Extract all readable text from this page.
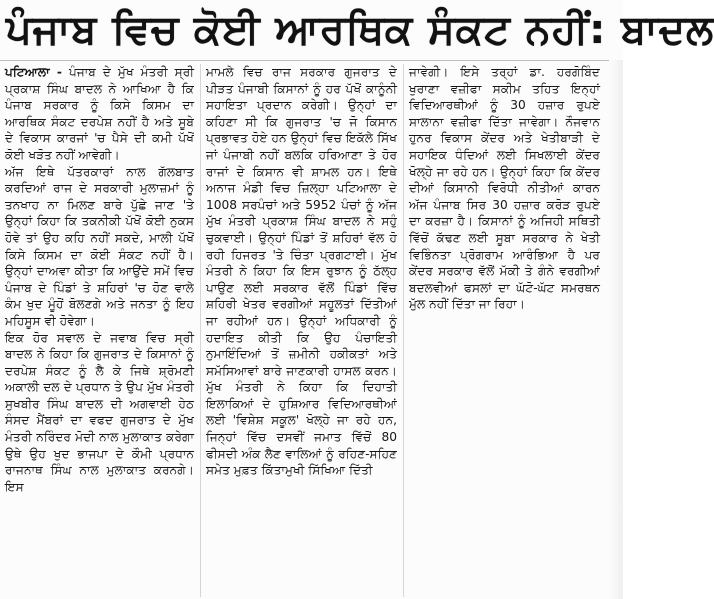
ਪੰਜਾਬ ਵਿਚ ਕੋਈ ਆਰਥਿਕ ਸੰਕਟ ਨਹੀਂ: ਬਾਦਲ

ਪਟਿਆਲਾ - ਪੰਜਾਬ ਦੇ ਮੁੱਖ ਮੰਤਰੀ ਸ੍ਰੀ ਪ੍ਰਕਾਸ਼ ਸਿੰਘ ਬਾਦਲ ਨੇ ਆਖਿਆ ਹੈ ਕਿ ਪੰਜਾਬ ਸਰਕਾਰ ਨੂੰ ਕਿਸੇ ਕਿਸਮ ਦਾ ਆਰਥਿਕ ਸੰਕਟ ਦਰਪੇਸ਼ ਨਹੀਂ ਹੈ ਅਤੇ ਸੂਬੇ ਦੇ ਵਿਕਾਸ ਕਾਰਜਾਂ 'ਚ ਪੈਸੇ ਦੀ ਕਮੀ ਪੱਖੋਂ ਕੋਈ ਖੜੋਤ ਨਹੀਂ ਆਵੇਗੀ।

ਅੱਜ ਇਥੇ ਪੱਤਰਕਾਰਾਂ ਨਾਲ ਗੱਲਬਾਤ ਕਰਦਿਆਂ ਰਾਜ ਦੇ ਸਰਕਾਰੀ ਮੁਲਾਜ਼ਮਾਂ ਨੂੰ ਤਨਖਾਹ ਨਾ ਮਿਲਣ ਬਾਰੇ ਪੁੱਛੇ ਜਾਣ 'ਤੇ ਉਨ੍ਹਾਂ ਕਿਹਾ ਕਿ ਤਕਨੀਕੀ ਪੱਖੋਂ ਕੋਈ ਨੁਕਸ ਹੋਵੇ ਤਾਂ ਉਹ ਕਹਿ ਨਹੀਂ ਸਕਦੇ, ਮਾਲੀ ਪੱਖੋਂ ਕਿਸੇ ਕਿਸਮ ਦਾ ਕੋਈ ਸੰਕਟ ਨਹੀਂ ਹੈ। ਉਨ੍ਹਾਂ ਦਾਅਵਾ ਕੀਤਾ ਕਿ ਆਉਂਦੇ ਸਮੇਂ ਵਿਚ ਪੰਜਾਬ ਦੇ ਪਿੰਡਾਂ ਤੇ ਸ਼ਹਿਰਾਂ 'ਚ ਹੋਣ ਵਾਲੇ ਕੰਮ ਖੁਦ ਮੂੰਹੋਂ ਬੋਲਣਗੇ ਅਤੇ ਜਨਤਾ ਨੂੰ ਇਹ ਮਹਿਸੂਸ ਵੀ ਹੋਵੇਗਾ।

ਇਕ ਹੋਰ ਸਵਾਲ ਦੇ ਜਵਾਬ ਵਿਚ ਸ੍ਰੀ ਬਾਦਲ ਨੇ ਕਿਹਾ ਕਿ ਗੁਜਰਾਤ ਦੇ ਕਿਸਾਨਾਂ ਨੂੰ ਦਰਪੇਸ਼ ਸੰਕਟ ਨੂੰ ਲੈ ਕੇ ਜਿਥੇ ਸ਼੍ਰੋਮਣੀ ਅਕਾਲੀ ਦਲ ਦੇ ਪ੍ਰਧਾਨ ਤੇ ਉਪ ਮੁੱਖ ਮੰਤਰੀ ਸੁਖਬੀਰ ਸਿੰਘ ਬਾਦਲ ਦੀ ਅਗਵਾਈ ਹੇਠ ਸੰਸਦ ਮੈਂਬਰਾਂ ਦਾ ਵਫਦ ਗੁਜਰਾਤ ਦੇ ਮੁੱਖ ਮੰਤਰੀ ਨਰਿੰਦਰ ਮੋਦੀ ਨਾਲ ਮੁਲਾਕਾਤ ਕਰੇਗਾ ਉਥੇ ਉਹ ਖੁਦ ਭਾਜਪਾ ਦੇ ਕੌਮੀ ਪ੍ਰਧਾਨ ਰਾਜਨਾਥ ਸਿੰਘ ਨਾਲ ਮੁਲਾਕਾਤ ਕਰਨਗੇ। ਇਸ

ਮਾਮਲੇ ਵਿਚ ਰਾਜ ਸਰਕਾਰ ਗੁਜਰਾਤ ਦੇ ਪੀੜਤ ਪੰਜਾਬੀ ਕਿਸਾਨਾਂ ਨੂੰ ਹਰ ਪੱਖੋਂ ਕਾਨੂੰਨੀ ਸਹਾਇਤਾ ਪ੍ਰਦਾਨ ਕਰੇਗੀ। ਉਨ੍ਹਾਂ ਦਾ ਕਹਿਣਾ ਸੀ ਕਿ ਗੁਜਰਾਤ 'ਚ ਜੋ ਕਿਸਾਨ ਪ੍ਰਭਾਵਤ ਹੋਏ ਹਨ ਉਨ੍ਹਾਂ ਵਿਚ ਇਕੱਲੇ ਸਿੱਖ ਜਾਂ ਪੰਜਾਬੀ ਨਹੀਂ ਬਲਕਿ ਹਰਿਆਣਾ ਤੇ ਹੋਰ ਰਾਜਾਂ ਦੇ ਕਿਸਾਨ ਵੀ ਸ਼ਾਮਲ ਹਨ। ਇਥੇ ਅਨਾਜ ਮੰਡੀ ਵਿਚ ਜ਼ਿਲ੍ਹਾ ਪਟਿਆਲਾ ਦੇ 1008 ਸਰਪੰਚਾਂ ਅਤੇ 5952 ਪੰਚਾਂ ਨੂੰ ਅੱਜ ਮੁੱਖ ਮੰਤਰੀ ਪ੍ਰਕਾਸ਼ ਸਿੰਘ ਬਾਦਲ ਨੇ ਸਹੁੰ ਚੁਕਵਾਈ। ਉਨ੍ਹਾਂ ਪਿੰਡਾਂ ਤੋਂ ਸ਼ਹਿਰਾਂ ਵੱਲ ਹੋ ਰਹੀ ਹਿਜਰਤ 'ਤੇ ਚਿੰਤਾ ਪ੍ਰਗਟਾਈ। ਮੁੱਖ ਮੰਤਰੀ ਨੇ ਕਿਹਾ ਕਿ ਇਸ ਰੁਝਾਨ ਨੂੰ ਠੱਲ੍ਹ ਪਾਉਣ ਲਈ ਸਰਕਾਰ ਵੱਲੋਂ ਪਿੰਡਾਂ ਵਿੱਚ ਸ਼ਹਿਰੀ ਖੇਤਰ ਵਰਗੀਆਂ ਸਹੂਲਤਾਂ ਦਿੱਤੀਆਂ ਜਾ ਰਹੀਆਂ ਹਨ। ਉਨ੍ਹਾਂ ਅਧਿਕਾਰੀ ਨੂੰ ਹਦਾਇਤ ਕੀਤੀ ਕਿ ਉਹ ਪੰਚਾਇਤੀ ਨੁਮਾਇੰਦਿਆਂ ਤੋਂ ਜ਼ਮੀਨੀ ਹਕੀਕਤਾਂ ਅਤੇ ਸਮੱਸਿਆਵਾਂ ਬਾਰੇ ਜਾਣਕਾਰੀ ਹਾਸਲ ਕਰਨ। ਮੁੱਖ ਮੰਤਰੀ ਨੇ ਕਿਹਾ ਕਿ ਦਿਹਾਤੀ ਇਲਾਕਿਆਂ ਦੇ ਹੁਸ਼ਿਆਰ ਵਿਦਿਆਰਥੀਆਂ ਲਈ 'ਵਿਸ਼ੇਸ਼ ਸਕੂਲ' ਖੋਲ੍ਹੇ ਜਾ ਰਹੇ ਹਨ, ਜਿਨ੍ਹਾਂ ਵਿੱਚ ਦਸਵੀਂ ਜਮਾਤ ਵਿੱਚੋਂ 80 ਫੀਸਦੀ ਅੰਕ ਲੈਣ ਵਾਲਿਆਂ ਨੂੰ ਰਹਿਣ-ਸਹਿਣ ਸਮੇਤ ਮੁਫ਼ਤ ਕਿੱਤਾਮੁਖੀ ਸਿੱਖਿਆ ਦਿੱਤੀ

ਜਾਵੇਗੀ। ਇਸੇ ਤਰ੍ਹਾਂ ਡਾ. ਹਰਗੋਬਿੰਦ ਖੁਰਾਣਾ ਵਜ਼ੀਫਾ ਸਕੀਮ ਤਹਿਤ ਇਨ੍ਹਾਂ ਵਿਦਿਆਰਥੀਆਂ ਨੂੰ 30 ਹਜ਼ਾਰ ਰੁਪਏ ਸਾਲਾਨਾ ਵਜ਼ੀਫਾ ਦਿੱਤਾ ਜਾਵੇਗਾ। ਨੌਜਵਾਨ ਹੁਨਰ ਵਿਕਾਸ ਕੇਂਦਰ ਅਤੇ ਖੇਤੀਬਾੜੀ ਦੇ ਸਹਾਇਕ ਧੰਦਿਆਂ ਲਈ ਸਿਖਲਾਈ ਕੇਂਦਰ ਖੋਲ੍ਹੇ ਜਾ ਰਹੇ ਹਨ। ਉਨ੍ਹਾਂ ਕਿਹਾ ਕਿ ਕੇਂਦਰ ਦੀਆਂ ਕਿਸਾਨੀ ਵਿਰੋਧੀ ਨੀਤੀਆਂ ਕਾਰਨ ਅੱਜ ਪੰਜਾਬ ਸਿਰ 30 ਹਜ਼ਾਰ ਕਰੋੜ ਰੁਪਏ ਦਾ ਕਰਜ਼ਾ ਹੈ। ਕਿਸਾਨਾਂ ਨੂੰ ਅਜਿਹੀ ਸਥਿਤੀ ਵਿੱਚੋਂ ਕੱਢਣ ਲਈ ਸੂਬਾ ਸਰਕਾਰ ਨੇ ਖੇਤੀ ਵਿਭਿੰਨਤਾ ਪ੍ਰੋਗਰਾਮ ਆਰੰਭਿਆ ਹੈ ਪਰ ਕੇਂਦਰ ਸਰਕਾਰ ਵੱਲੋਂ ਮੱਕੀ ਤੇ ਗੰਨੇ ਵਰਗੀਆਂ ਬਦਲਵੀਆਂ ਫਸਲਾਂ ਦਾ ਘੱਟੋ-ਘੱਟ ਸਮਰਥਨ ਮੁੱਲ ਨਹੀਂ ਦਿੱਤਾ ਜਾ ਰਿਹਾ।
